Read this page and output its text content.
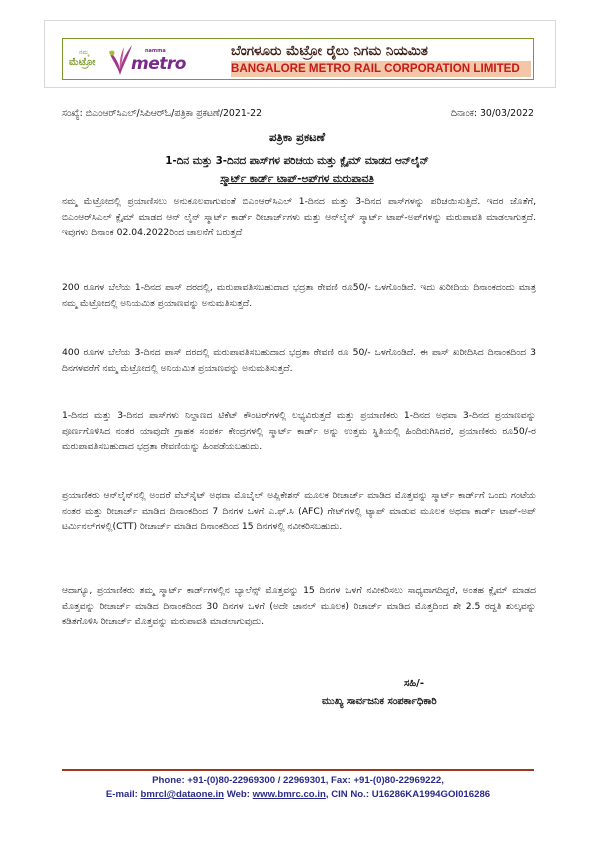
ನಮ್ಮ
ಮೆಟ್ರೋ
namma
metro
ಬೆಂಗಳೂರು ಮೆಟ್ರೋ ರೈಲು ನಿಗಮ ನಿಯಮಿತ
BANGALORE METRO RAIL CORPORATION LIMITED
ಸಂಖ್ಯೆ: ಬಿಎಂಆರ್‌ಸಿಎಲ್/ಸಿಪಿಆರ್‌ಓ/ಪತ್ರಿಕಾ ಪ್ರಕಟಣೆ/2021-22	ದಿನಾಂಕ: 30/03/2022
ಪತ್ರಿಕಾ ಪ್ರಕಟಣೆ
1-ದಿನ ಮತ್ತು 3-ದಿನದ ಪಾಸ್‌ಗಳ ಪರಿಚಯ ಮತ್ತು ಕ್ಲೈಮ್ ಮಾಡದ ಆನ್‌ಲೈನ್
ಸ್ಮಾರ್ಟ್ ಕಾರ್ಡ್ ಟಾಪ್-ಅಪ್‌ಗಳ ಮರುಪಾವತಿ

ನಮ್ಮ ಮೆಟ್ರೋದಲ್ಲಿ ಪ್ರಯಾಣಿಸಲು ಅನುಕೂಲವಾಗುವಂತೆ ಬಿಎಂಆರ್‌ಸಿಎಲ್ 1-ದಿನದ ಮತ್ತು 3-ದಿನದ ಪಾಸ್‌ಗಳನ್ನು ಪರಿಚಯಿಸುತ್ತಿದೆ. ಇದರ ಜೊತೆಗೆ, ಬಿಎಂಆರ್‌ಸಿಎಲ್ ಕ್ಲೈಮ್ ಮಾಡದ ಆನ್ ಲೈನ್ ಸ್ಮಾರ್ಟ್ ಕಾರ್ಡ್ ರೀಚಾರ್ಜ್‌ಗಳು ಮತ್ತು ಆನ್‌ಲೈನ್ ಸ್ಮಾರ್ಟ್ ಟಾಪ್-ಅಪ್‌ಗಳನ್ನು ಮರುಪಾವತಿ ಮಾಡಲಾಗುತ್ತದೆ. ಇವುಗಳು ದಿನಾಂಕ 02.04.2022ರಿಂದ ಚಾಲನೆಗೆ ಬರುತ್ತದೆ

200 ರೂಗಳ ಬೆಲೆಯ 1-ದಿನದ ಪಾಸ್ ದರದಲ್ಲಿ, ಮರುಪಾವತಿಸಬಹುದಾದ ಭದ್ರತಾ ಠೇವಣಿ ರೂ50/- ಒಳಗೊಂಡಿದೆ. ಇದು ಖರೀದಿಯ ದಿನಾಂಕದಂದು ಮಾತ್ರ ನಮ್ಮ ಮೆಟ್ರೋದಲ್ಲಿ ಅನಿಯಮಿತ ಪ್ರಯಾಣವನ್ನು ಅನುಮತಿಸುತ್ತದೆ.

400 ರೂಗಳ ಬೆಲೆಯ 3-ದಿನದ ಪಾಸ್ ದರದಲ್ಲಿ ಮರುಪಾವತಿಸಬಹುದಾದ ಭದ್ರತಾ ಠೇವಣಿ ರೂ 50/- ಒಳಗೊಂಡಿದೆ. ಈ ಪಾಸ್ ಖರೀದಿಸಿದ ದಿನಾಂಕದಿಂದ 3 ದಿನಗಳವರೆಗೆ ನಮ್ಮ ಮೆಟ್ರೋದಲ್ಲಿ ಅನಿಯಮಿತ ಪ್ರಯಾಣವನ್ನು ಅನುಮತಿಸುತ್ತದೆ.

1-ದಿನದ ಮತ್ತು 3-ದಿನದ ಪಾಸ್‌ಗಳು ನಿಲ್ದಾಣದ ಟಿಕೆಟ್ ಕೌಂಟರ್‌ಗಳಲ್ಲಿ ಲಭ್ಯವಿರುತ್ತದೆ ಮತ್ತು ಪ್ರಯಾಣಿಕರು 1-ದಿನದ ಅಥವಾ 3-ದಿನದ ಪ್ರಯಾಣವನ್ನು ಪೂರ್ಣಗೊಳಿಸಿದ ನಂತರ ಯಾವುದೇ ಗ್ರಾಹಕ ಸಂಪರ್ಕ ಕೇಂದ್ರಗಳಲ್ಲಿ ಸ್ಮಾರ್ಟ್ ಕಾರ್ಡ್ ಅನ್ನು ಉತ್ತಮ ಸ್ಥಿತಿಯಲ್ಲಿ ಹಿಂದಿರುಗಿಸಿದರೆ, ಪ್ರಯಾಣಿಕರು ರೂ50/-ರ ಮರುಪಾವತಿಸಬಹುದಾದ ಭದ್ರತಾ ಠೇವಣಿಯನ್ನು ಹಿಂಪಡೆಯಬಹುದು.

ಪ್ರಯಾಣಿಕರು ಆನ್‌ಲೈನ್‌ನಲ್ಲಿ ಅಂದರೆ ವೆಬ್‌ಸೈಟ್ ಅಥವಾ ಮೊಬೈಲ್ ಅಪ್ಲಿಕೇಶನ್ ಮೂಲಕ ರೀಚಾರ್ಜ್ ಮಾಡಿದ ಮೊತ್ತವನ್ನು ಸ್ಮಾರ್ಟ್ ಕಾರ್ಡ್‌ಗೆ ಒಂದು ಗಂಟೆಯ ನಂತರ ಮತ್ತು ರೀಚಾರ್ಜ್ ಮಾಡಿದ ದಿನಾಂಕದಿಂದ 7 ದಿನಗಳ ಒಳಗೆ ಎ.ಫ್.ಸಿ (AFC) ಗೇಟ್‌ಗಳಲ್ಲಿ ಟ್ಯಾಪ್ ಮಾಡುವ ಮೂಲಕ ಅಥವಾ ಕಾರ್ಡ್ ಟಾಪ್-ಅಪ್ ಟರ್ಮಿನಲ್‌ಗಳಲ್ಲಿ(CTT) ರೀಚಾರ್ಜ್ ಮಾಡಿದ ದಿನಾಂಕದಿಂದ 15 ದಿನಗಳಲ್ಲಿ ನವೀಕರಿಸಬಹುದು.

ಆದಾಗ್ಯೂ, ಪ್ರಯಾಣಿಕರು ತಮ್ಮ ಸ್ಮಾರ್ಟ್ ಕಾರ್ಡ್‌ಗಳಲ್ಲಿನ ಬ್ಯಾಲೆನ್ಸ್ ಮೊತ್ತವನ್ನು 15 ದಿನಗಳ ಒಳಗೆ ನವೀಕರಿಸಲು ಸಾಧ್ಯವಾಗದಿದ್ದರೆ, ಅಂತಹ ಕ್ಲೈಮ್ ಮಾಡದ ಮೊತ್ತವನ್ನು ರೀಚಾರ್ಜ್ ಮಾಡಿದ ದಿನಾಂಕದಿಂದ 30 ದಿನಗಳ ಒಳಗೆ (ಅದೇ ಚಾನಲ್ ಮೂಲಕ) ರಿಚಾರ್ಜ್ ಮಾಡಿದ ಮೊತ್ತದಿಂದ ಶೇ 2.5 ರದ್ದತಿ ಶುಲ್ಕವನ್ನು ಕಡಿತಗೊಳಿಸಿ ರೀಚಾರ್ಜ್ ಮೊತ್ತವನ್ನು ಮರುಪಾವತಿ ಮಾಡಲಾಗುವುದು.

ಸಹಿ/-
ಮುಖ್ಯ ಸಾರ್ವಜನಿಕ ಸಂಪರ್ಕಾಧಿಕಾರಿ
Phone: +91-(0)80-22969300 / 22969301, Fax: +91-(0)80-22969222,
E-mail: bmrcl@dataone.in Web: www.bmrc.co.in, CIN No.: U16286KA1994GOI016286
